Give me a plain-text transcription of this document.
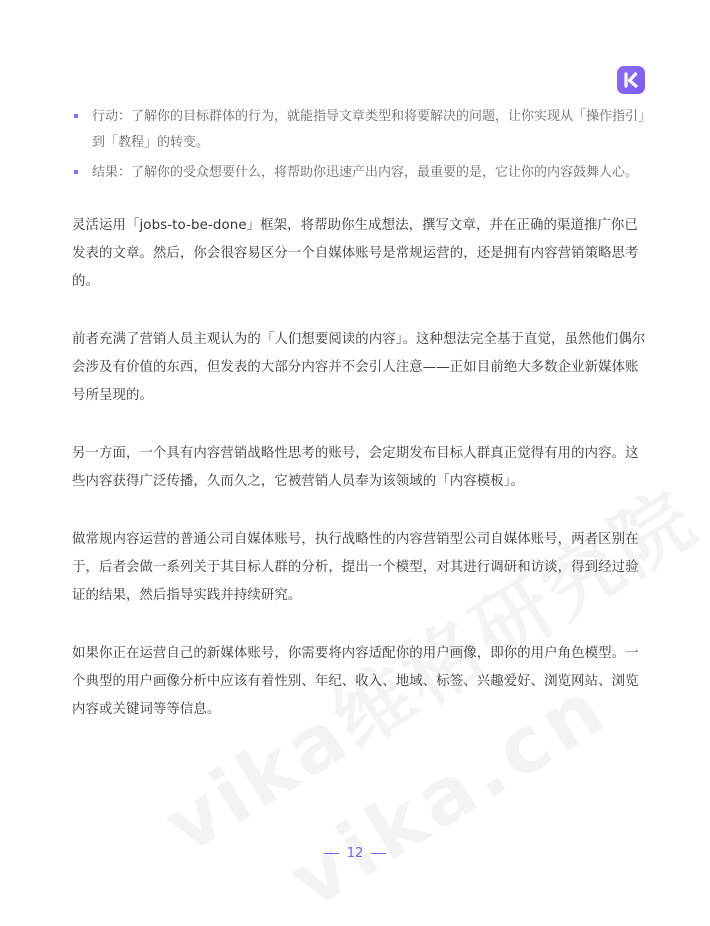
行动：了解你的目标群体的行为，就能指导文章类型和将要解决的问题，让你实现从「操作指引」到「教程」的转变。
结果：了解你的受众想要什么，将帮助你迅速产出内容，最重要的是，它让你的内容鼓舞人心。

灵活运用「jobs-to-be-done」框架，将帮助你生成想法，撰写文章，并在正确的渠道推广你已发表的文章。然后，你会很容易区分一个自媒体账号是常规运营的，还是拥有内容营销策略思考的。

前者充满了营销人员主观认为的「人们想要阅读的内容」。这种想法完全基于直觉，虽然他们偶尔会涉及有价值的东西，但发表的大部分内容并不会引人注意——正如目前绝大多数企业新媒体账号所呈现的。

另一方面，一个具有内容营销战略性思考的账号，会定期发布目标人群真正觉得有用的内容。这些内容获得广泛传播，久而久之，它被营销人员奉为该领域的「内容模板」。

做常规内容运营的普通公司自媒体账号，执行战略性的内容营销型公司自媒体账号，两者区别在于，后者会做一系列关于其目标人群的分析，提出一个模型，对其进行调研和访谈，得到经过验证的结果，然后指导实践并持续研究。

如果你正在运营自己的新媒体账号，你需要将内容适配你的用户画像，即你的用户角色模型。一个典型的用户画像分析中应该有着性别、年纪、收入、地域、标签、兴趣爱好、浏览网站、浏览内容或关键词等等信息。

12
